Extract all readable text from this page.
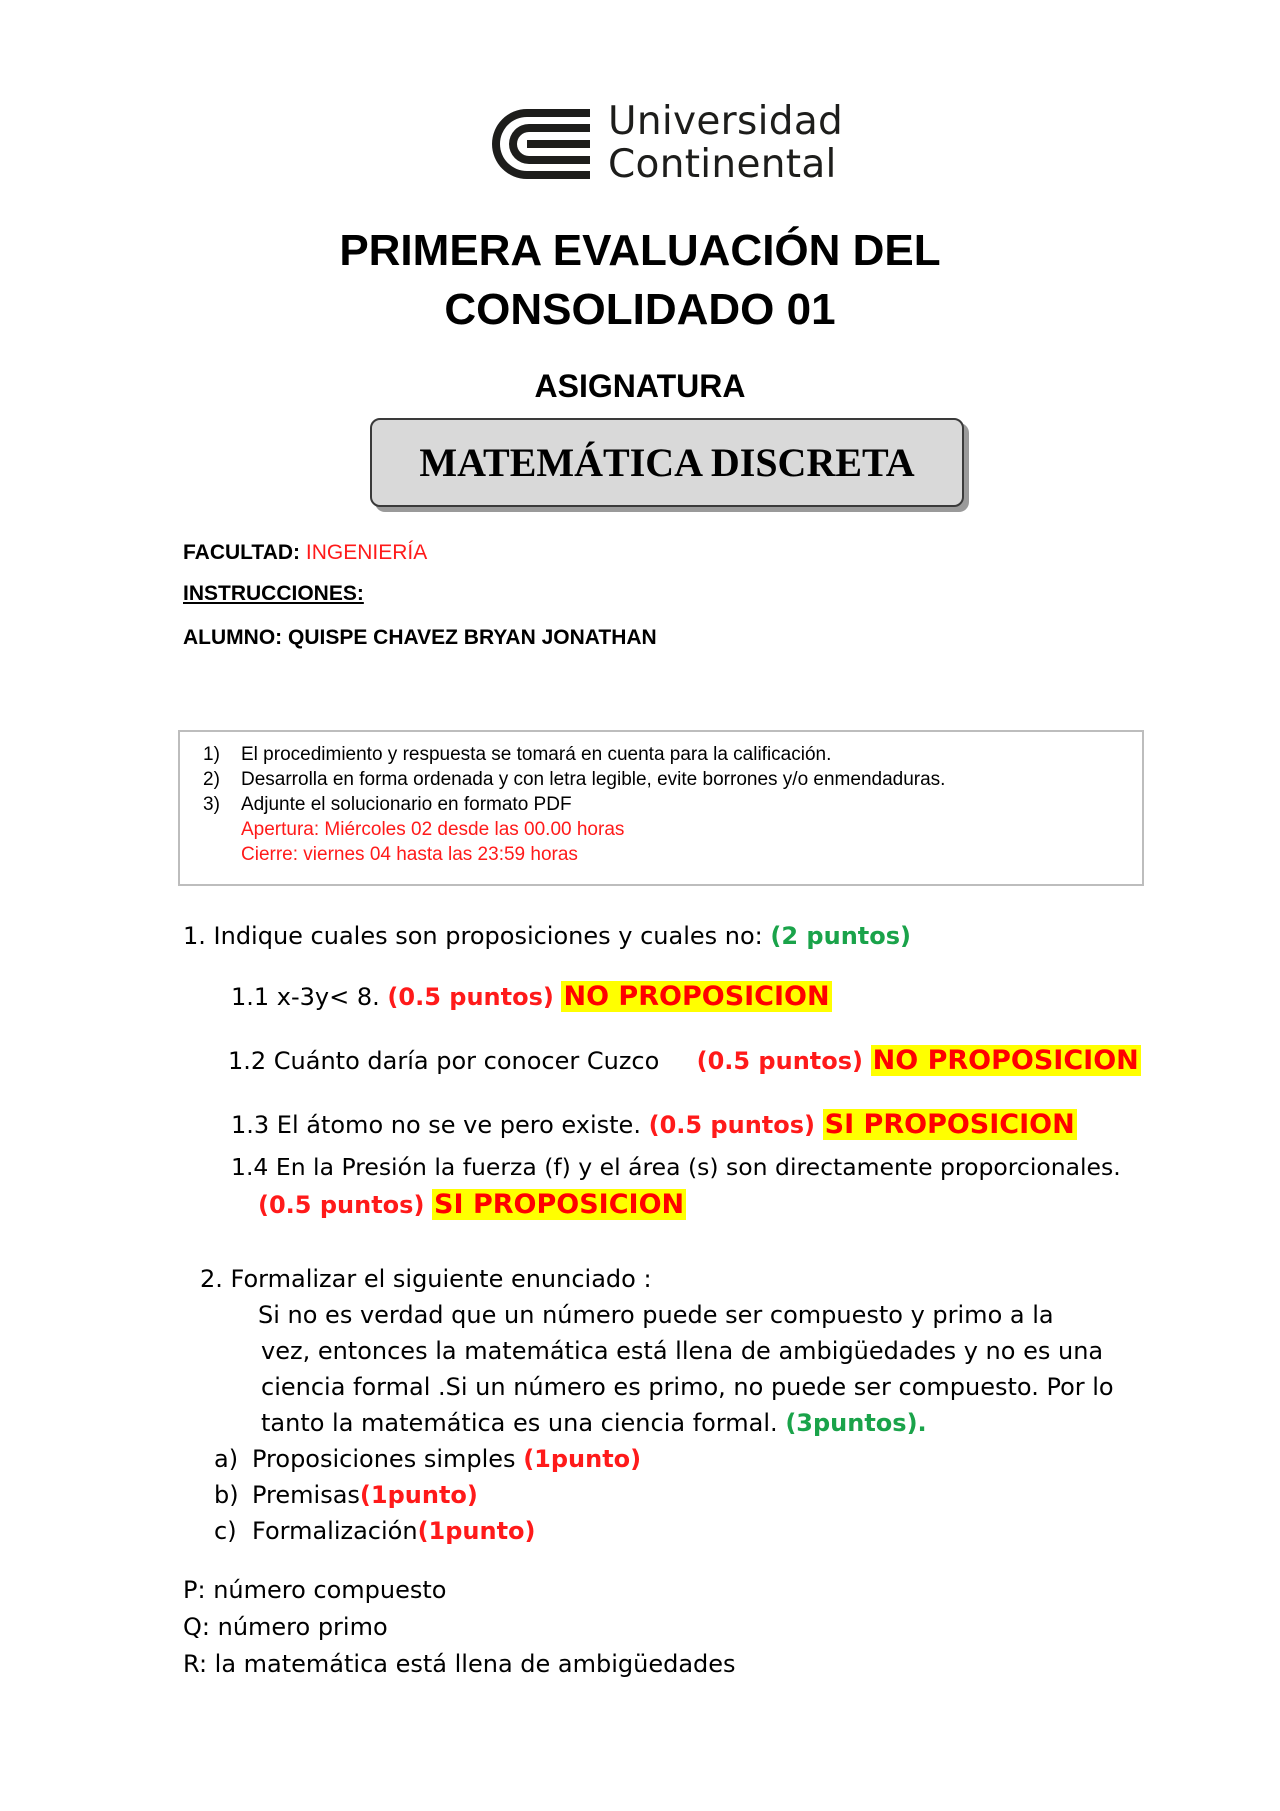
Universidad
Continental
PRIMERA EVALUACIÓN DEL
CONSOLIDADO 01
ASIGNATURA
MATEMÁTICA DISCRETA
FACULTAD: INGENIERÍA
INSTRUCCIONES:
ALUMNO: QUISPE CHAVEZ BRYAN JONATHAN
1) El procedimiento y respuesta se tomará en cuenta para la calificación.
2) Desarrolla en forma ordenada y con letra legible, evite borrones y/o enmendaduras.
3) Adjunte el solucionario en formato PDF
Apertura: Miércoles 02 desde las 00.00 horas
Cierre: viernes 04 hasta las 23:59 horas
1. Indique cuales son proposiciones y cuales no: (2 puntos)
1.1 x-3y< 8. (0.5 puntos) NO PROPOSICION
1.2 Cuánto daría por conocer Cuzco (0.5 puntos) NO PROPOSICION
1.3 El átomo no se ve pero existe. (0.5 puntos) SI PROPOSICION
1.4 En la Presión la fuerza (f) y el área (s) son directamente proporcionales.
(0.5 puntos) SI PROPOSICION
2. Formalizar el siguiente enunciado :
Si no es verdad que un número puede ser compuesto y primo a la
vez, entonces la matemática está llena de ambigüedades y no es una
ciencia formal .Si un número es primo, no puede ser compuesto. Por lo
tanto la matemática es una ciencia formal. (3puntos).
a) Proposiciones simples (1punto)
b) Premisas(1punto)
c) Formalización(1punto)
P: número compuesto
Q: número primo
R: la matemática está llena de ambigüedades
